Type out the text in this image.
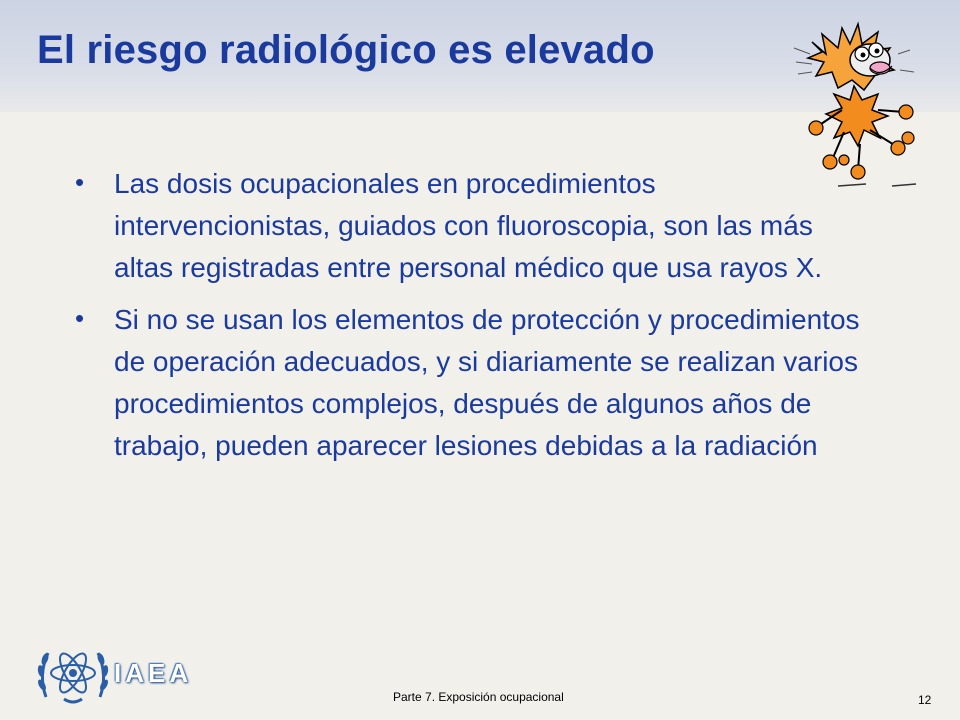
El riesgo radiológico es elevado
• Las dosis ocupacionales en procedimientos intervencionistas, guiados con fluoroscopia, son las más altas registradas entre personal médico que usa rayos X.
• Si no se usan los elementos de protección y procedimientos de operación adecuados, y si diariamente se realizan varios procedimientos complejos, después de algunos años de trabajo, pueden aparecer lesiones debidas a la radiación
IAEA
Parte 7. Exposición ocupacional	12
